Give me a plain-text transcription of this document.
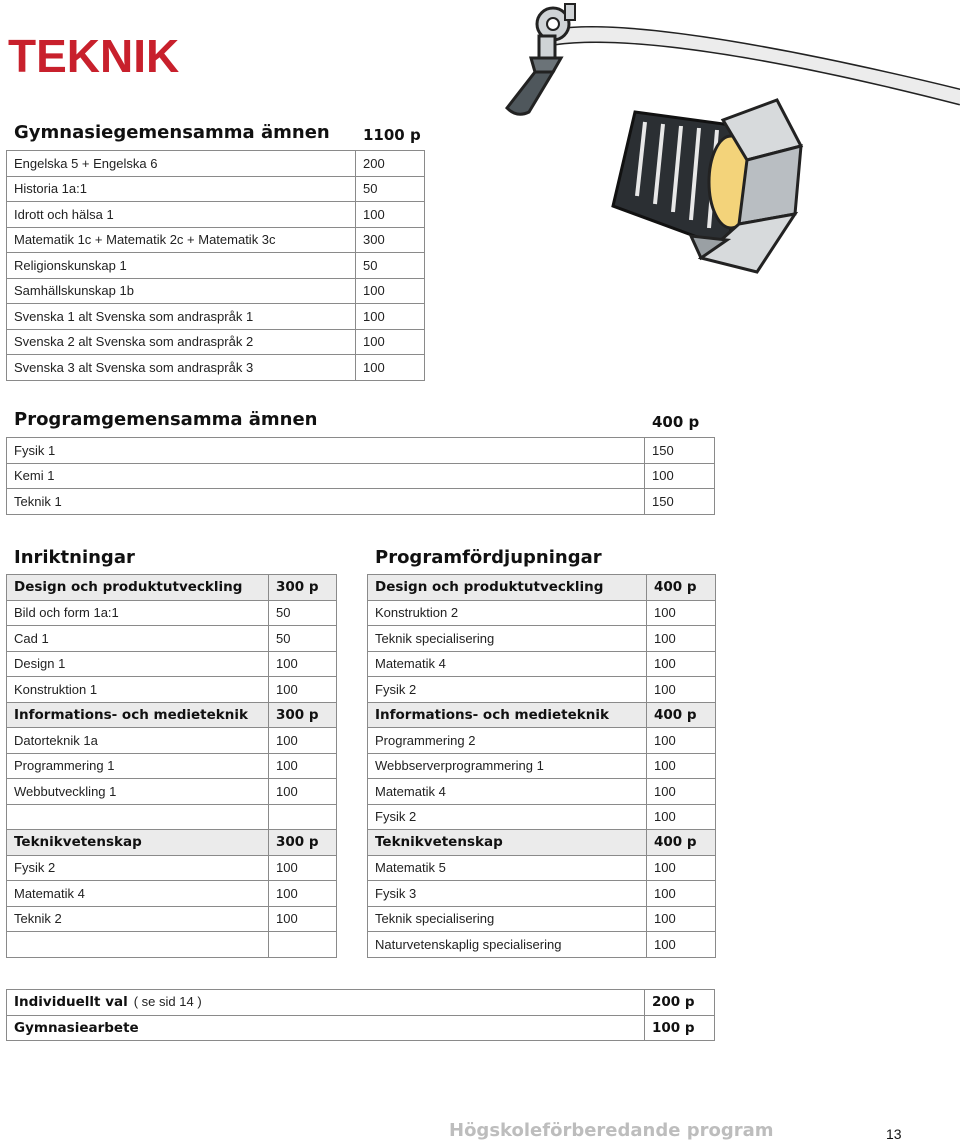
TEKNIK
Gymnasiegemensamma ämnen 1100 p
Engelska 5 + Engelska 6	200
Historia 1a:1	50
Idrott och hälsa 1	100
Matematik 1c + Matematik 2c + Matematik 3c	300
Religionskunskap 1	50
Samhällskunskap 1b	100
Svenska 1 alt Svenska som andraspråk 1	100
Svenska 2 alt Svenska som andraspråk 2	100
Svenska 3 alt Svenska som andraspråk 3	100
Programgemensamma ämnen	400 p
Fysik 1	150
Kemi 1	100
Teknik 1	150
Inriktningar
Design och produktutveckling	300 p
Bild och form 1a:1	50
Cad 1	50
Design 1	100
Konstruktion 1	100
Informations- och medieteknik	300 p
Datorteknik 1a	100
Programmering 1	100
Webbutveckling 1	100

Teknikvetenskap	300 p
Fysik 2	100
Matematik 4	100
Teknik 2	100

Programfördjupningar
Design och produktutveckling	400 p
Konstruktion 2	100
Teknik specialisering	100
Matematik 4	100
Fysik 2	100
Informations- och medieteknik	400 p
Programmering 2	100
Webbserverprogrammering 1	100
Matematik 4	100
Fysik 2	100
Teknikvetenskap	400 p
Matematik 5	100
Fysik 3	100
Teknik specialisering	100
Naturvetenskaplig specialisering	100
Individuellt val ( se sid 14 )	200 p
Gymnasiearbete	100 p
Högskoleförberedande program	13
